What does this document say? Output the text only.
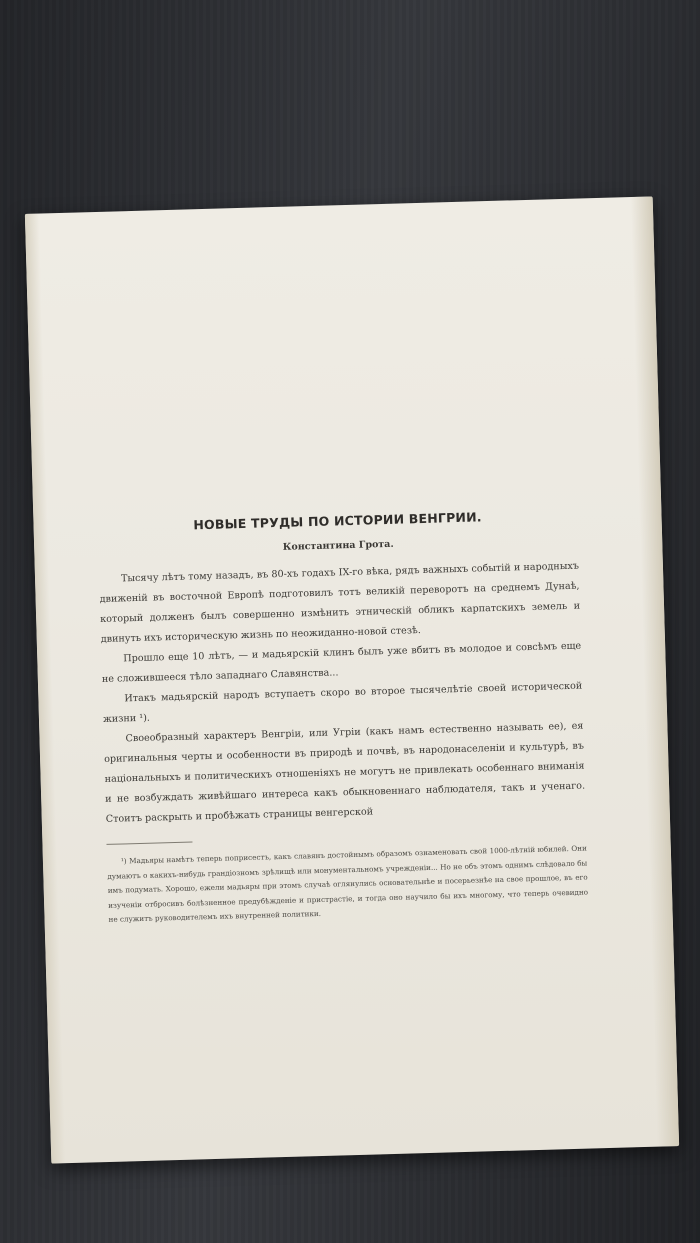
НОВЫЕ ТРУДЫ ПО ИСТОРИИ ВЕНГРИИ.
Константина Грота.

Тысячу лѣтъ тому назадъ, въ 80-хъ годахъ IX-го вѣка, рядъ важныхъ событій и народныхъ движеній въ восточной Европѣ подготовилъ тотъ великій переворотъ на среднемъ Дунаѣ, который долженъ былъ совершенно измѣнить этническій обликъ карпатскихъ земель и двинуть ихъ историческую жизнь по неожиданно-новой стезѣ.

Прошло еще 10 лѣтъ, — и мадьярскій клинъ былъ уже вбитъ въ молодое и совсѣмъ еще не сложившееся тѣло западнаго Славянства...

Итакъ мадьярскій народъ вступаетъ скоро во второе тысячелѣтіе своей исторической жизни ¹).

Своеобразный характеръ Венгріи, или Угріи (какъ намъ естественно называть ее), ея оригинальныя черты и особенности въ природѣ и почвѣ, въ народонаселеніи и культурѣ, въ національныхъ и политическихъ отношеніяхъ не могутъ не привлекать особеннаго вниманія и не возбуждать живѣйшаго интереса какъ обыкновеннаго наблюдателя, такъ и ученаго. Стоитъ раскрыть и пробѣжать страницы венгерской

¹) Мадьяры намѣтъ теперь поприсестъ, какъ славянъ достойнымъ образомъ ознаменовать свой 1000-лѣтній юбилей. Они думаютъ о какихъ-нибудь грандіозномъ зрѣлищѣ или монументальномъ учрежденіи... Но не объ этомъ однимъ слѣдовало бы имъ подумать. Хорошо, ежели мадьяры при этомъ случаѣ оглянулись основательнѣе и посерьезнѣе на свое прошлое, въ его изученіи отбросивъ болѣзненное предубѣжденіе и пристрастіе, и тогда оно научило бы ихъ многому, что теперь очевидно не служитъ руководителемъ ихъ внутренней политики.
